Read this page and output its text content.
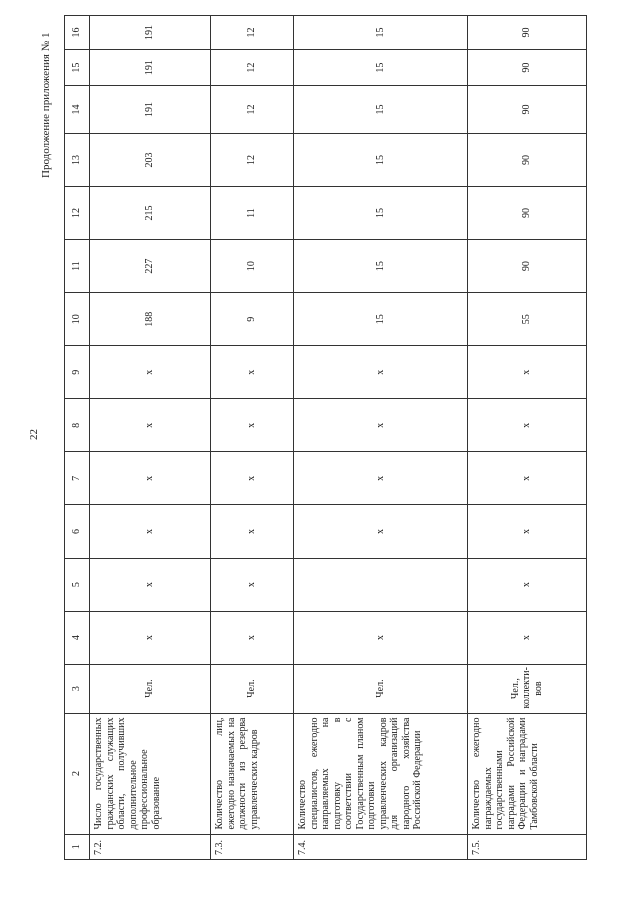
22
Продолжение приложения № 1
1	2	3	4	5	6	7	8	9	10	11	12	13	14	15	16
7.2.	Число государственных гражданских служащих области, получивших дополнительное профессиональное образование	Чел.	x	x	x	x	x	x	188	227	215	203	191	191	191
7.3.	Количество лиц, ежегодно назначаемых на должности из резерва управленческих кадров	Чел.	x	x	x	x	x	x	9	10	11	12	12	12	12
7.4.	Количество специалистов, ежегодно направляемых на подготовку в соответствии с Государственным планом подготовки управленческих кадров для организаций народного хозяйства Российской Федерации	Чел.	x		x	x	x	x	15	15	15	15	15	15	15
7.5.	Количество ежегодно награждаемых государственными наградами Российской Федерации и наградами Тамбовской области	Чел., коллекти-вов	x	x	x	x	x	x	55	90	90	90	90	90	90
